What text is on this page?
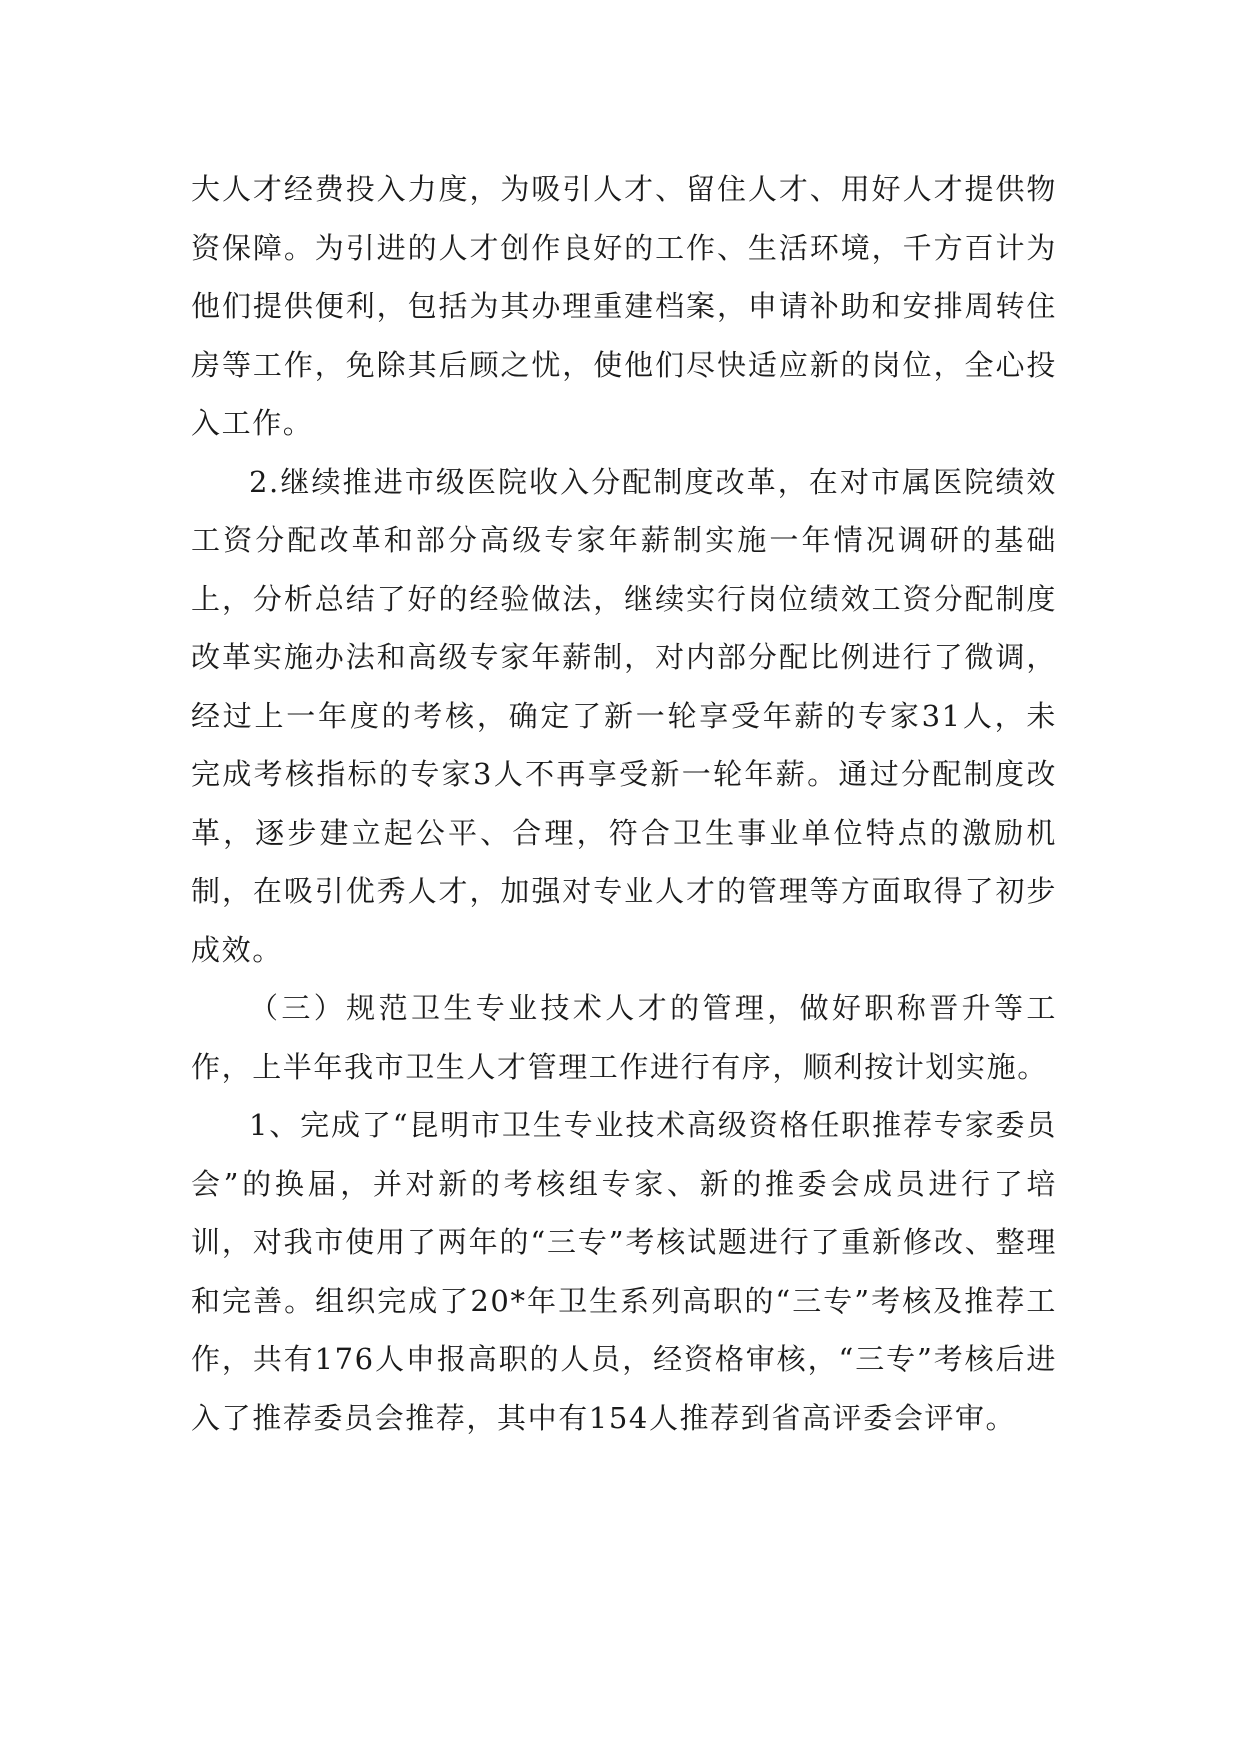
大人才经费投入力度，为吸引人才、留住人才、用好人才提供物资保障。为引进的人才创作良好的工作、生活环境，千方百计为他们提供便利，包括为其办理重建档案，申请补助和安排周转住房等工作，免除其后顾之忧，使他们尽快适应新的岗位，全心投入工作。

2.继续推进市级医院收入分配制度改革，在对市属医院绩效工资分配改革和部分高级专家年薪制实施一年情况调研的基础上，分析总结了好的经验做法，继续实行岗位绩效工资分配制度改革实施办法和高级专家年薪制，对内部分配比例进行了微调，经过上一年度的考核，确定了新一轮享受年薪的专家31人，未完成考核指标的专家3人不再享受新一轮年薪。通过分配制度改革，逐步建立起公平、合理，符合卫生事业单位特点的激励机制，在吸引优秀人才，加强对专业人才的管理等方面取得了初步成效。

（三）规范卫生专业技术人才的管理，做好职称晋升等工作，上半年我市卫生人才管理工作进行有序，顺利按计划实施。

1、完成了“昆明市卫生专业技术高级资格任职推荐专家委员会”的换届，并对新的考核组专家、新的推委会成员进行了培训，对我市使用了两年的“三专”考核试题进行了重新修改、整理和完善。组织完成了20*年卫生系列高职的“三专”考核及推荐工作，共有176人申报高职的人员，经资格审核，“三专”考核后进入了推荐委员会推荐，其中有154人推荐到省高评委会评审。
